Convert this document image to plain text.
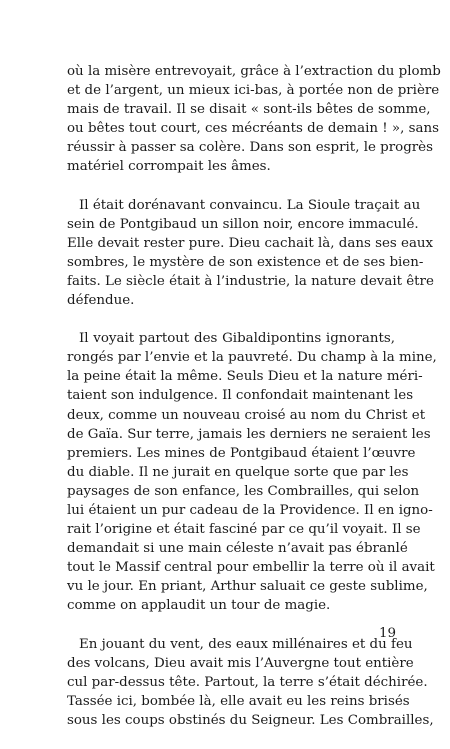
où la misère entrevoyait, grâce à l’extraction du plomb
et de l’argent, un mieux ici-bas, à portée non de prière
mais de travail. Il se disait « sont-ils bêtes de somme,
ou bêtes tout court, ces mécréants de demain ! », sans
réussir à passer sa colère. Dans son esprit, le progrès
matériel corrompait les âmes.
Il était dorénavant convaincu. La Sioule traçait au
sein de Pontgibaud un sillon noir, encore immaculé.
Elle devait rester pure. Dieu cachait là, dans ses eaux
sombres, le mystère de son existence et de ses bien-
faits. Le siècle était à l’industrie, la nature devait être
défendue.
Il voyait partout des Gibaldipontins ignorants,
rongés par l’envie et la pauvreté. Du champ à la mine,
la peine était la même. Seuls Dieu et la nature méri-
taient son indulgence. Il confondait maintenant les
deux, comme un nouveau croisé au nom du Christ et
de Gaïa. Sur terre, jamais les derniers ne seraient les
premiers. Les mines de Pontgibaud étaient l’œuvre
du diable. Il ne jurait en quelque sorte que par les
paysages de son enfance, les Combrailles, qui selon
lui étaient un pur cadeau de la Providence. Il en igno-
rait l’origine et était fasciné par ce qu’il voyait. Il se
demandait si une main céleste n’avait pas ébranlé
tout le Massif central pour embellir la terre où il avait
vu le jour. En priant, Arthur saluait ce geste sublime,
comme on applaudit un tour de magie.
En jouant du vent, des eaux millénaires et du feu
des volcans, Dieu avait mis l’Auvergne tout entière
cul par-dessus tête. Partout, la terre s’était déchirée.
Tassée ici, bombée là, elle avait eu les reins brisés
sous les coups obstinés du Seigneur. Les Combrailles,
19
